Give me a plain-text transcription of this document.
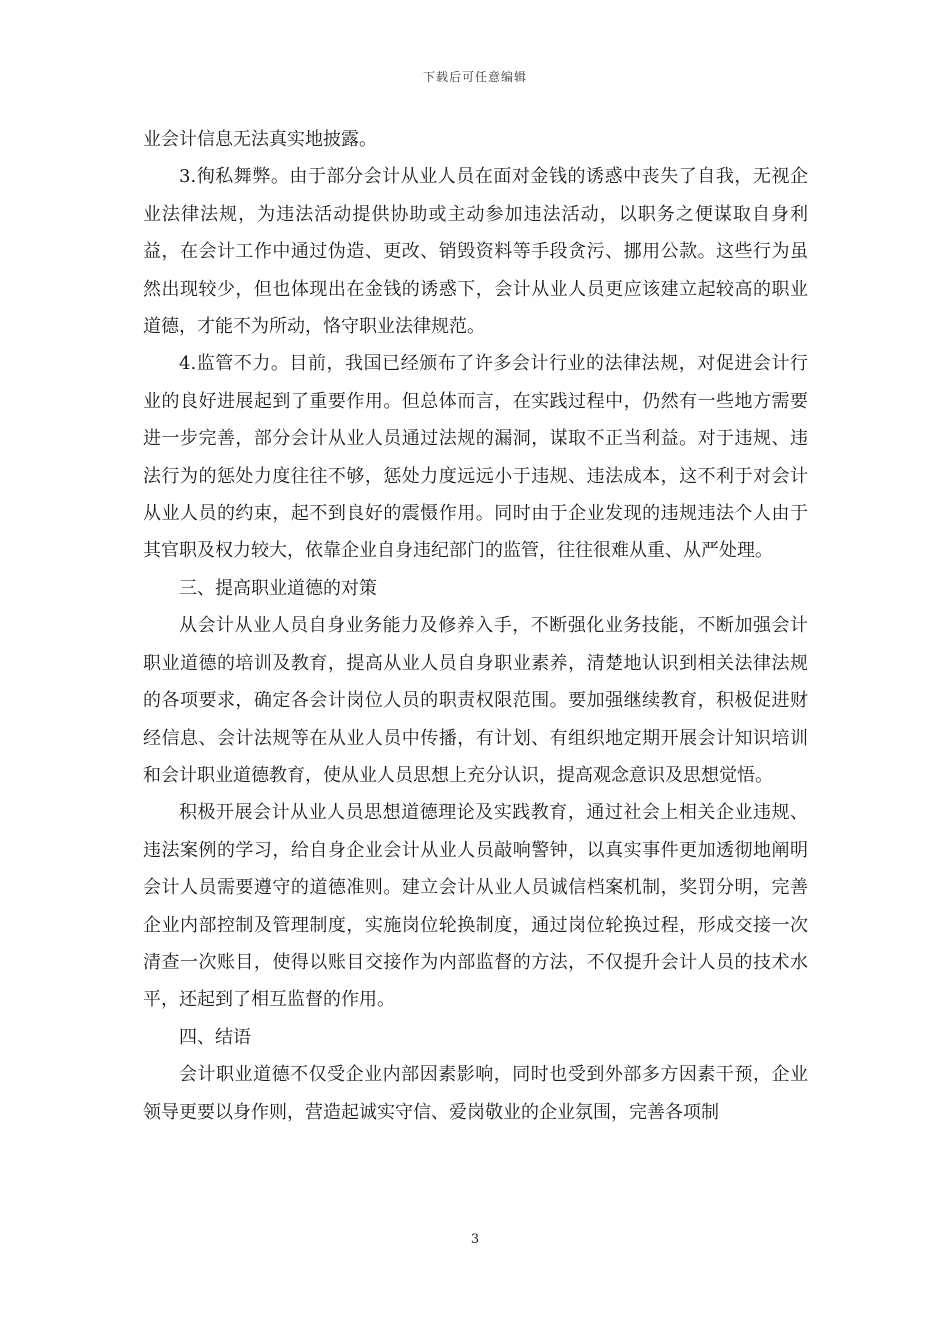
下载后可任意编辑

业会计信息无法真实地披露。

3.徇私舞弊。由于部分会计从业人员在面对金钱的诱惑中丧失了自我，无视企业法律法规，为违法活动提供协助或主动参加违法活动，以职务之便谋取自身利益，在会计工作中通过伪造、更改、销毁资料等手段贪污、挪用公款。这些行为虽然出现较少，但也体现出在金钱的诱惑下，会计从业人员更应该建立起较高的职业道德，才能不为所动，恪守职业法律规范。

4.监管不力。目前，我国已经颁布了许多会计行业的法律法规，对促进会计行业的良好进展起到了重要作用。但总体而言，在实践过程中，仍然有一些地方需要进一步完善，部分会计从业人员通过法规的漏洞，谋取不正当利益。对于违规、违法行为的惩处力度往往不够，惩处力度远远小于违规、违法成本，这不利于对会计从业人员的约束，起不到良好的震慑作用。同时由于企业发现的违规违法个人由于其官职及权力较大，依靠企业自身违纪部门的监管，往往很难从重、从严处理。

三、提高职业道德的对策

从会计从业人员自身业务能力及修养入手，不断强化业务技能，不断加强会计职业道德的培训及教育，提高从业人员自身职业素养，清楚地认识到相关法律法规的各项要求，确定各会计岗位人员的职责权限范围。要加强继续教育，积极促进财经信息、会计法规等在从业人员中传播，有计划、有组织地定期开展会计知识培训和会计职业道德教育，使从业人员思想上充分认识，提高观念意识及思想觉悟。

积极开展会计从业人员思想道德理论及实践教育，通过社会上相关企业违规、违法案例的学习，给自身企业会计从业人员敲响警钟，以真实事件更加透彻地阐明会计人员需要遵守的道德准则。建立会计从业人员诚信档案机制，奖罚分明，完善企业内部控制及管理制度，实施岗位轮换制度，通过岗位轮换过程，形成交接一次清查一次账目，使得以账目交接作为内部监督的方法，不仅提升会计人员的技术水平，还起到了相互监督的作用。

四、结语

会计职业道德不仅受企业内部因素影响，同时也受到外部多方因素干预，企业领导更要以身作则，营造起诚实守信、爱岗敬业的企业氛围，完善各项制

3
